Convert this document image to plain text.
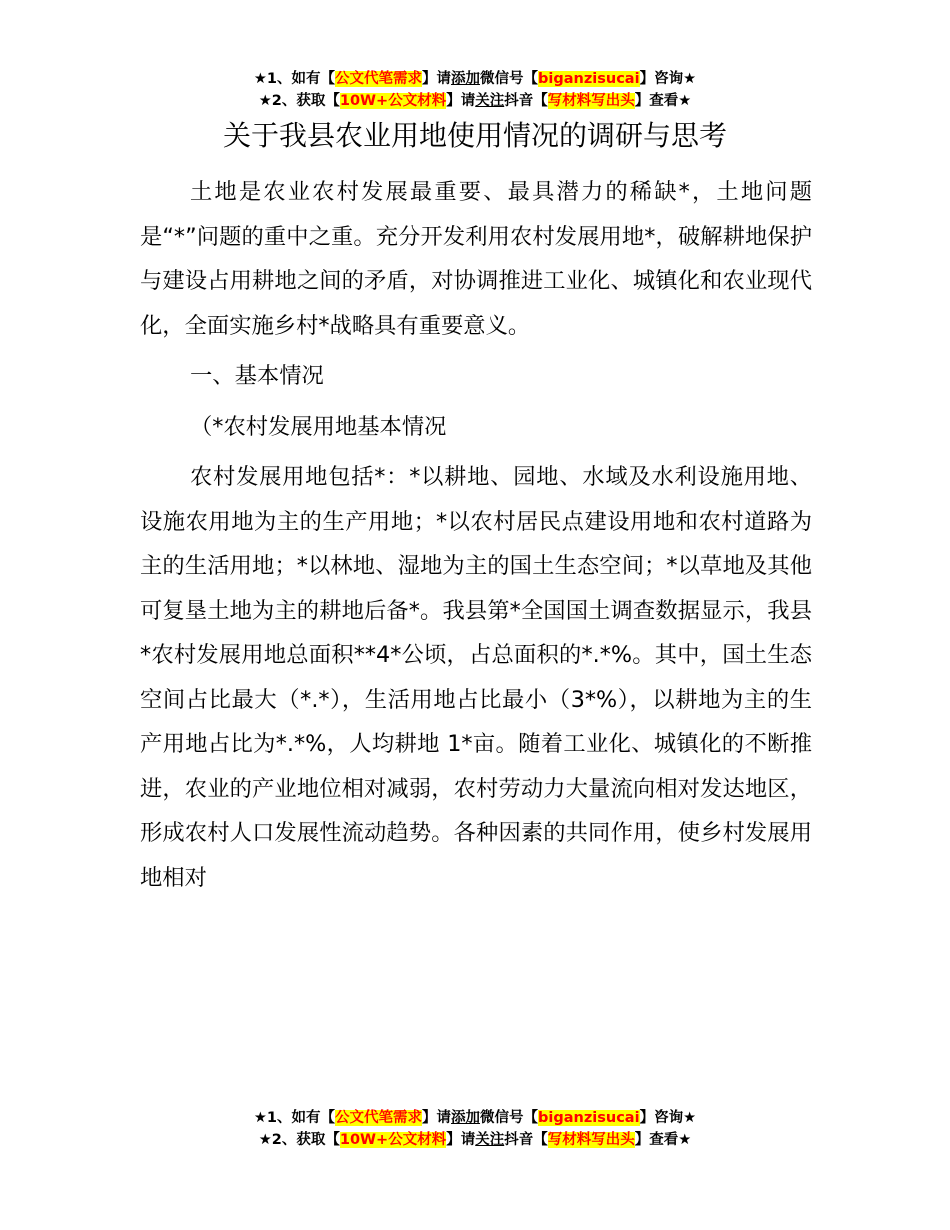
★1、如有【公文代笔需求】请添加微信号【biganzisucai】咨询★
★2、获取【10W+公文材料】请关注抖音【写材料写出头】查看★
关于我县农业用地使用情况的调研与思考

土地是农业农村发展最重要、最具潜力的稀缺*，土地问题是“*”问题的重中之重。充分开发利用农村发展用地*，破解耕地保护与建设占用耕地之间的矛盾，对协调推进工业化、城镇化和农业现代化，全面实施乡村*战略具有重要意义。

一、基本情况

（*农村发展用地基本情况

农村发展用地包括*：*以耕地、园地、水域及水利设施用地、设施农用地为主的生产用地；*以农村居民点建设用地和农村道路为主的生活用地；*以林地、湿地为主的国土生态空间；*以草地及其他可复垦土地为主的耕地后备*。我县第*全国国土调查数据显示，我县*农村发展用地总面积**4*公顷，占总面积的*.*%。其中，国土生态空间占比最大（*.*），生活用地占比最小（3*%），以耕地为主的生产用地占比为*.*%，人均耕地 1*亩。随着工业化、城镇化的不断推进，农业的产业地位相对减弱，农村劳动力大量流向相对发达地区，形成农村人口发展性流动趋势。各种因素的共同作用，使乡村发展用地相对

★1、如有【公文代笔需求】请添加微信号【biganzisucai】咨询★
★2、获取【10W+公文材料】请关注抖音【写材料写出头】查看★
